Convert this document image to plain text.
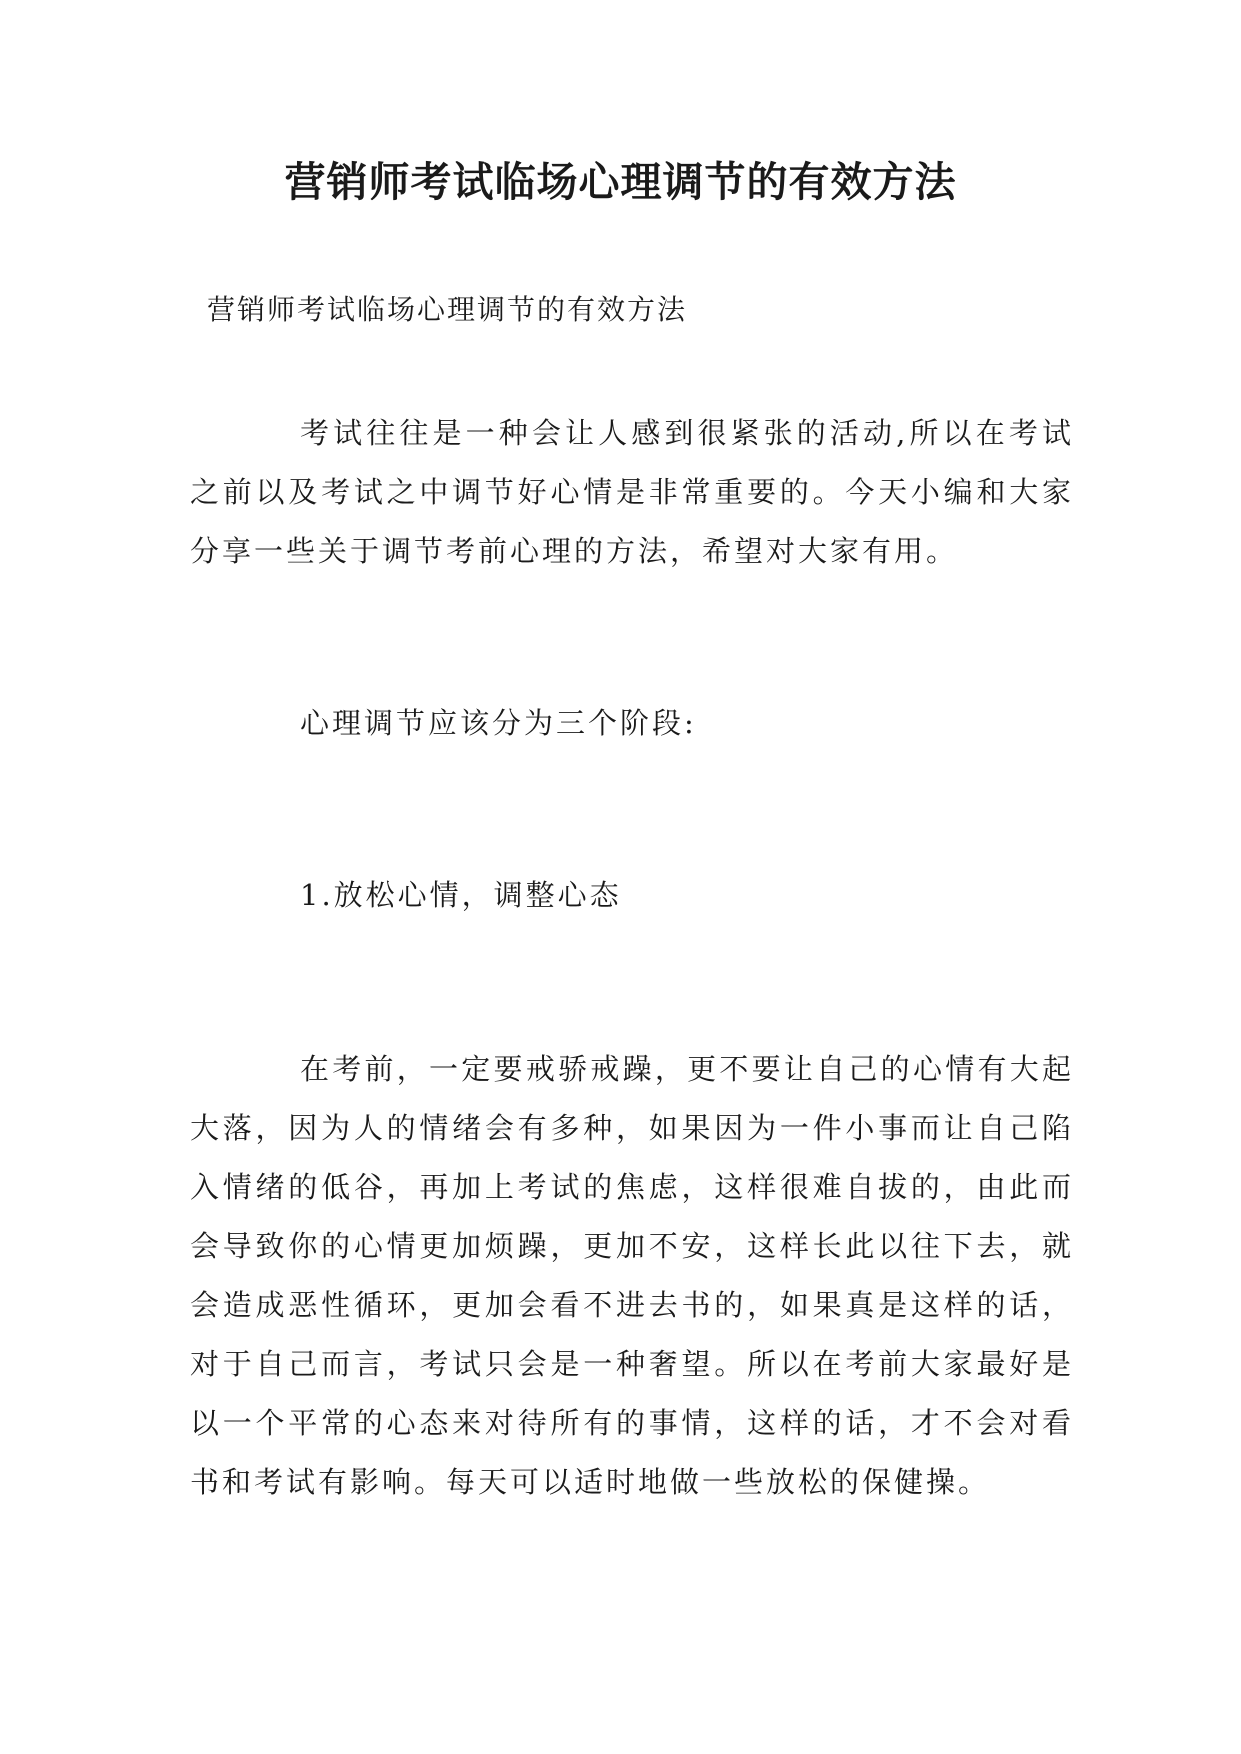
营销师考试临场心理调节的有效方法
营销师考试临场心理调节的有效方法

考试往往是一种会让人感到很紧张的活动,所以在考试之前以及考试之中调节好心情是非常重要的。今天小编和大家分享一些关于调节考前心理的方法，希望对大家有用。

心理调节应该分为三个阶段:

1.放松心情，调整心态

在考前，一定要戒骄戒躁，更不要让自己的心情有大起大落，因为人的情绪会有多种，如果因为一件小事而让自己陷入情绪的低谷，再加上考试的焦虑，这样很难自拔的，由此而会导致你的心情更加烦躁，更加不安，这样长此以往下去，就会造成恶性循环，更加会看不进去书的，如果真是这样的话，对于自己而言，考试只会是一种奢望。所以在考前大家最好是以一个平常的心态来对待所有的事情，这样的话，才不会对看书和考试有影响。每天可以适时地做一些放松的保健操。
